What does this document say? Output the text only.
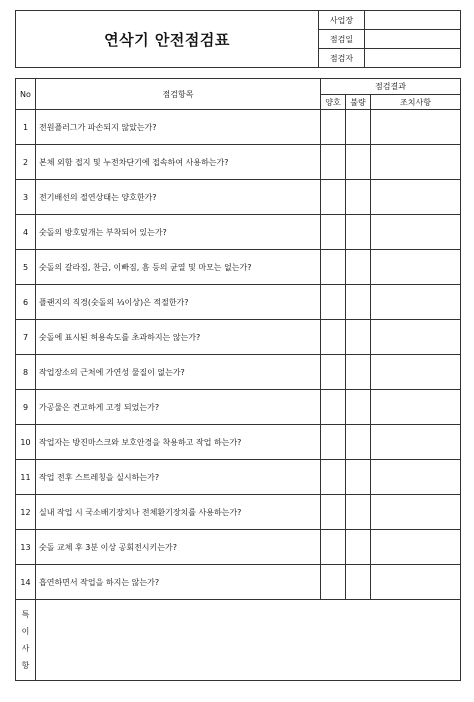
연삭기 안전점검표	사업장	
	점검일	
	점검자	
No	점검항목	점검결과		
		양호	불량	조치사항
1	전원플러그가 파손되지 않았는가?			
2	본체 외함 접지 및 누전차단기에 접속하여 사용하는가?			
3	전기배선의 절연상태는 양호한가?			
4	숫돌의 방호덮개는 부착되어 있는가?			
5	숫돌의 갈라짐, 찬금, 이빠짐, 흠 등의 균열 및 마모는 없는가?			
6	플랜지의 직경(숫돌의 ⅓이상)은 적절한가?			
7	숫돌에 표시된 허용속도를 초과하지는 않는가?			
8	작업장소의 근처에 가연성 물질이 없는가?			
9	가공물은 견고하게 고정 되었는가?			
10	작업자는 방진마스크와 보호안경을 착용하고 작업 하는가?			
11	작업 전후 스트레칭을 실시하는가?			
12	실내 작업 시 국소배기장치나 전체환기장치를 사용하는가?			
13	숫돌 교체 후 3분 이상 공회전시키는가?			
14	흡연하면서 작업을 하지는 않는가?			

특
이
사
항				
